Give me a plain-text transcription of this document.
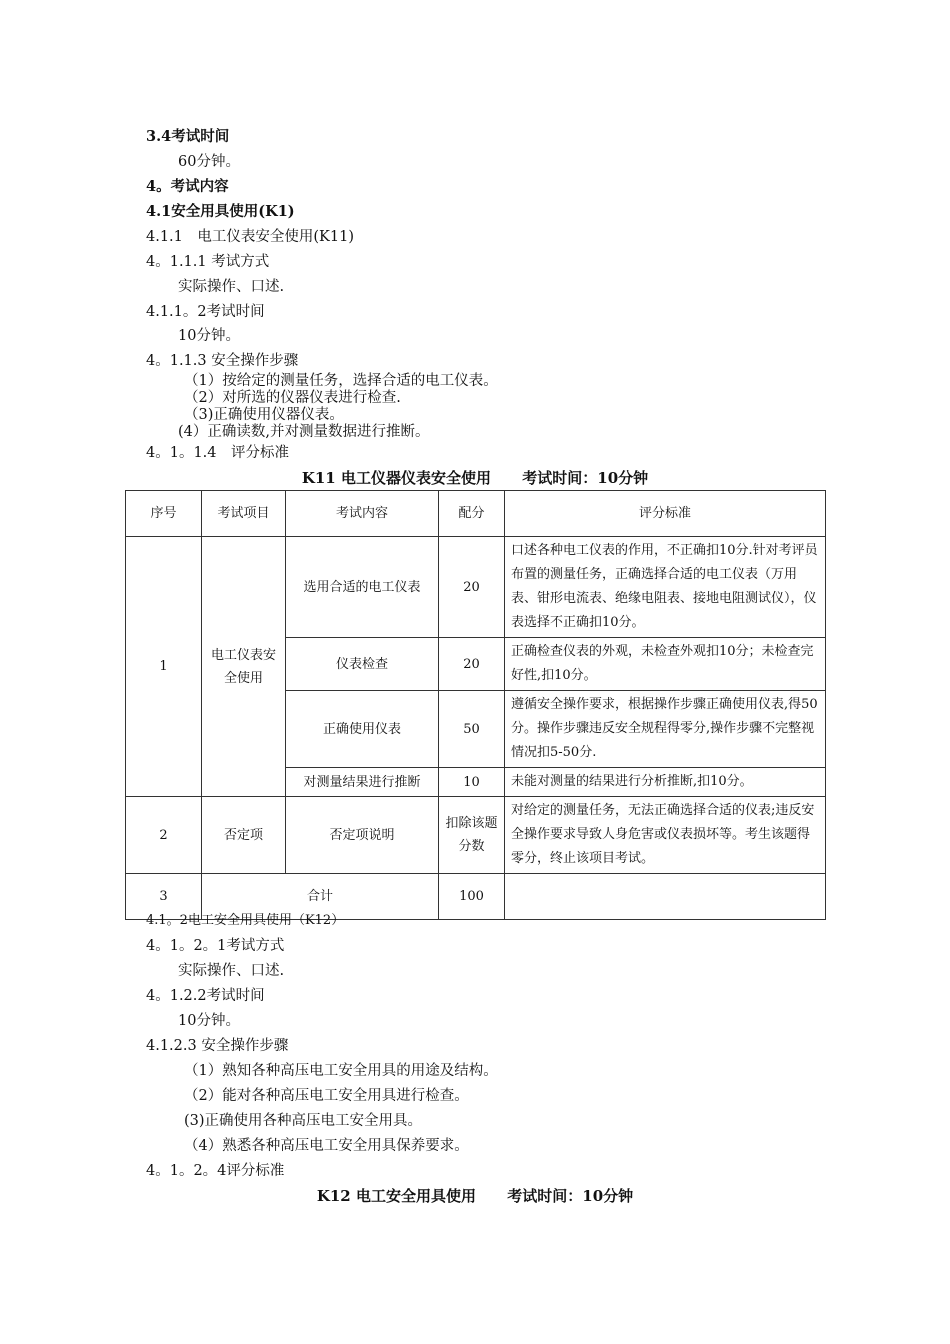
3.4考试时间
60分钟。
4。考试内容
4.1安全用具使用(K1)
4.1.1　电工仪表安全使用(K11)
4。1.1.1 考试方式
实际操作、口述.
4.1.1。2考试时间
10分钟。
4。1.1.3 安全操作步骤
（1）按给定的测量任务，选择合适的电工仪表。
（2）对所选的仪器仪表进行检查.
（3)正确使用仪器仪表。
(4）正确读数,并对测量数据进行推断。
4。1。1.4　评分标准
K11 电工仪器仪表安全使用      考试时间：10分钟
序号	考试项目	考试内容	配分	评分标准
1	电工仪表安全使用	选用合适的电工仪表	20	口述各种电工仪表的作用，不正确扣10分.针对考评员布置的测量任务，正确选择合适的电工仪表（万用表、钳形电流表、绝缘电阻表、接地电阻测试仪），仪表选择不正确扣10分。
		仪表检查	20	正确检查仪表的外观，未检查外观扣10分；未检查完好性,扣10分。
		正确使用仪表	50	遵循安全操作要求，根据操作步骤正确使用仪表,得50分。操作步骤违反安全规程得零分,操作步骤不完整视情况扣5-50分.
		对测量结果进行推断	10	未能对测量的结果进行分析推断,扣10分。
2	否定项	否定项说明	扣除该题分数	对给定的测量任务，无法正确选择合适的仪表;违反安全操作要求导致人身危害或仪表损坏等。考生该题得零分，终止该项目考试。
3	合计		100	
4.1。2电工安全用具使用（K12）
4。1。2。1考试方式
实际操作、口述.
4。1.2.2考试时间
10分钟。
4.1.2.3 安全操作步骤
（1）熟知各种高压电工安全用具的用途及结构。
（2）能对各种高压电工安全用具进行检查。
(3)正确使用各种高压电工安全用具。
（4）熟悉各种高压电工安全用具保养要求。
4。1。2。4评分标准
K12 电工安全用具使用      考试时间：10分钟
